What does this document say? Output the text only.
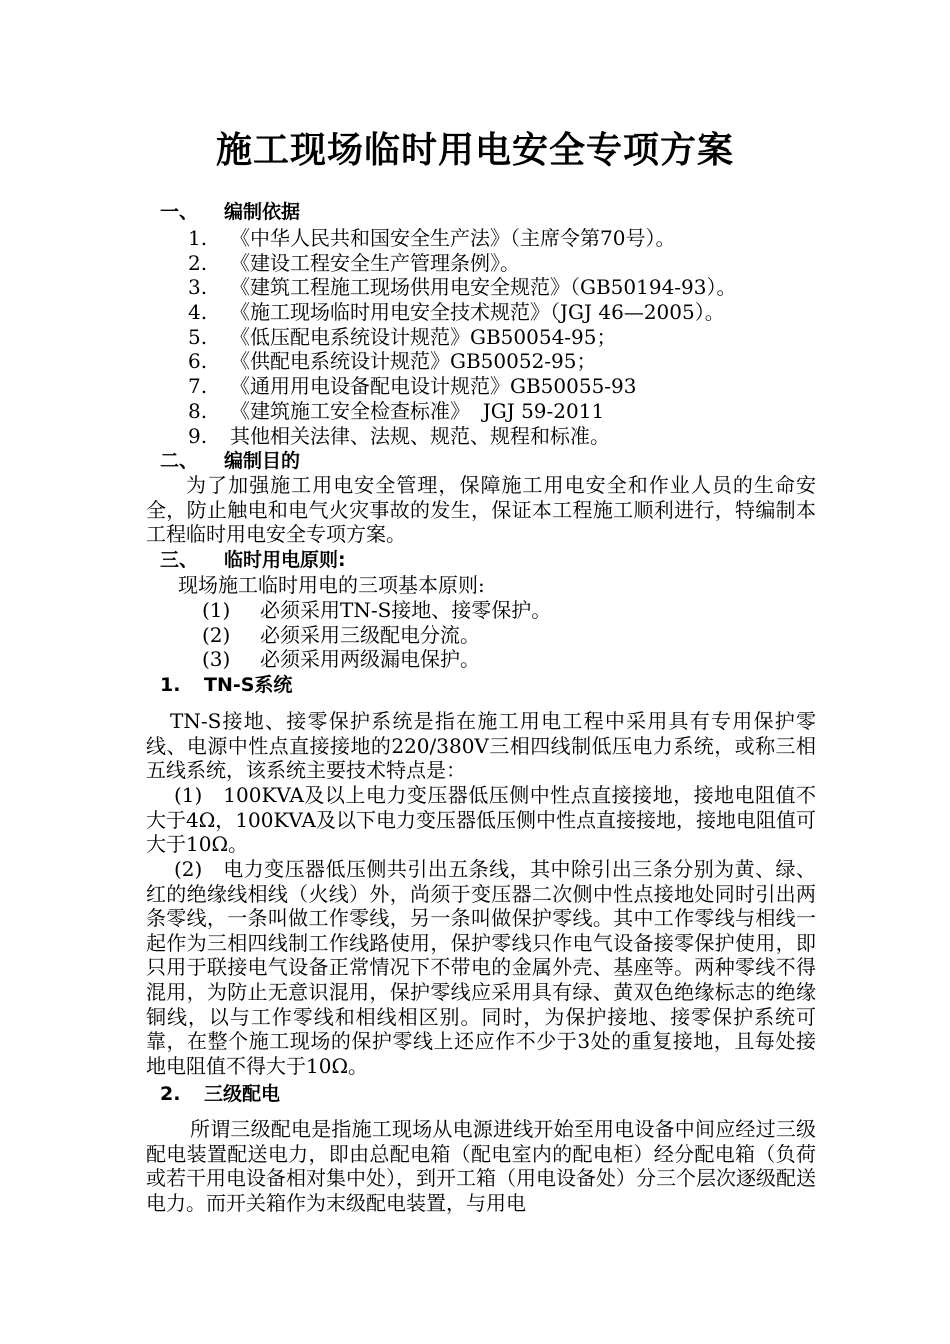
施工现场临时用电安全专项方案
一、 编制依据
1. 《中华人民共和国安全生产法》（主席令第70号）。
2. 《建设工程安全生产管理条例》。
3. 《建筑工程施工现场供用电安全规范》（GB50194-93）。
4. 《施工现场临时用电安全技术规范》（JGJ 46—2005）。
5. 《低压配电系统设计规范》GB50054-95；
6. 《供配电系统设计规范》GB50052-95；
7. 《通用用电设备配电设计规范》GB50055-93
8. 《建筑施工安全检查标准》  JGJ 59-2011
9. 其他相关法律、法规、规范、规程和标准。
二、 编制目的
为了加强施工用电安全管理，保障施工用电安全和作业人员的生命安全，防止触电和电气火灾事故的发生，保证本工程施工顺利进行，特编制本工程临时用电安全专项方案。
三、 临时用电原则:
现场施工临时用电的三项基本原则:
(1) 必须采用TN-S接地、接零保护。
(2) 必须采用三级配电分流。
(3) 必须采用两级漏电保护。
1. TN-S系统
TN-S接地、接零保护系统是指在施工用电工程中采用具有专用保护零线、电源中性点直接接地的220/380V三相四线制低压电力系统，或称三相五线系统，该系统主要技术特点是：
(1)　100KVA及以上电力变压器低压侧中性点直接接地，接地电阻值不大于4Ω，100KVA及以下电力变压器低压侧中性点直接接地，接地电阻值可大于10Ω。
(2)　电力变压器低压侧共引出五条线，其中除引出三条分别为黄、绿、红的绝缘线相线（火线）外，尚须于变压器二次侧中性点接地处同时引出两条零线，一条叫做工作零线，另一条叫做保护零线。其中工作零线与相线一起作为三相四线制工作线路使用，保护零线只作电气设备接零保护使用，即只用于联接电气设备正常情况下不带电的金属外壳、基座等。两种零线不得混用，为防止无意识混用，保护零线应采用具有绿、黄双色绝缘标志的绝缘铜线，以与工作零线和相线相区别。同时，为保护接地、接零保护系统可靠，在整个施工现场的保护零线上还应作不少于3处的重复接地，且每处接地电阻值不得大于10Ω。
2. 三级配电
所谓三级配电是指施工现场从电源进线开始至用电设备中间应经过三级配电装置配送电力，即由总配电箱（配电室内的配电柜）经分配电箱（负荷或若干用电设备相对集中处），到开工箱（用电设备处）分三个层次逐级配送电力。而开关箱作为末级配电装置，与用电
